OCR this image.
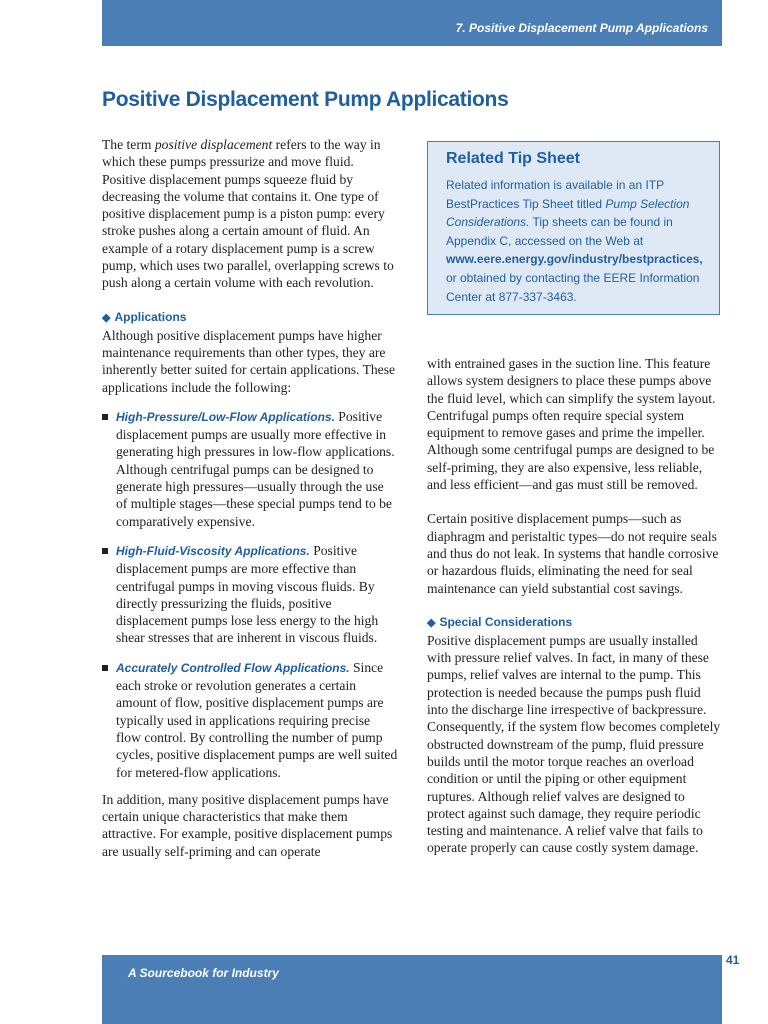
7. Positive Displacement Pump Applications
Positive Displacement Pump Applications

The term positive displacement refers to the way in which these pumps pressurize and move fluid. Positive displacement pumps squeeze fluid by decreasing the volume that contains it. One type of positive displacement pump is a piston pump: every stroke pushes along a certain amount of fluid. An example of a rotary displacement pump is a screw pump, which uses two parallel, overlapping screws to push along a certain volume with each revolution.

◆ Applications

Although positive displacement pumps have higher maintenance requirements than other types, they are inherently better suited for certain applications. These applications include the following:

High-Pressure/Low-Flow Applications. Positive displacement pumps are usually more effective in generating high pressures in low-flow applications. Although centrifugal pumps can be designed to generate high pressures—usually through the use of multiple stages—these special pumps tend to be comparatively expensive.

High-Fluid-Viscosity Applications. Positive displacement pumps are more effective than centrifugal pumps in moving viscous fluids. By directly pressurizing the fluids, positive displacement pumps lose less energy to the high shear stresses that are inherent in viscous fluids.

Accurately Controlled Flow Applications. Since each stroke or revolution generates a certain amount of flow, positive displacement pumps are typically used in applications requiring precise flow control. By controlling the number of pump cycles, positive displacement pumps are well suited for metered-flow applications.

In addition, many positive displacement pumps have certain unique characteristics that make them attractive. For example, positive displacement pumps are usually self-priming and can operate

Related Tip Sheet

Related information is available in an ITP BestPractices Tip Sheet titled Pump Selection Considerations. Tip sheets can be found in Appendix C, accessed on the Web at www.eere.energy.gov/industry/bestpractices, or obtained by contacting the EERE Information Center at 877-337-3463.

with entrained gases in the suction line. This feature allows system designers to place these pumps above the fluid level, which can simplify the system layout. Centrifugal pumps often require special system equipment to remove gases and prime the impeller. Although some centrifugal pumps are designed to be self-priming, they are also expensive, less reliable, and less efficient—and gas must still be removed.

Certain positive displacement pumps—such as diaphragm and peristaltic types—do not require seals and thus do not leak. In systems that handle corrosive or hazardous fluids, eliminating the need for seal maintenance can yield substantial cost savings.

◆ Special Considerations

Positive displacement pumps are usually installed with pressure relief valves. In fact, in many of these pumps, relief valves are internal to the pump. This protection is needed because the pumps push fluid into the discharge line irrespective of backpressure. Consequently, if the system flow becomes completely obstructed downstream of the pump, fluid pressure builds until the motor torque reaches an overload condition or until the piping or other equipment ruptures. Although relief valves are designed to protect against such damage, they require periodic testing and maintenance. A relief valve that fails to operate properly can cause costly system damage.

41
A Sourcebook for Industry
